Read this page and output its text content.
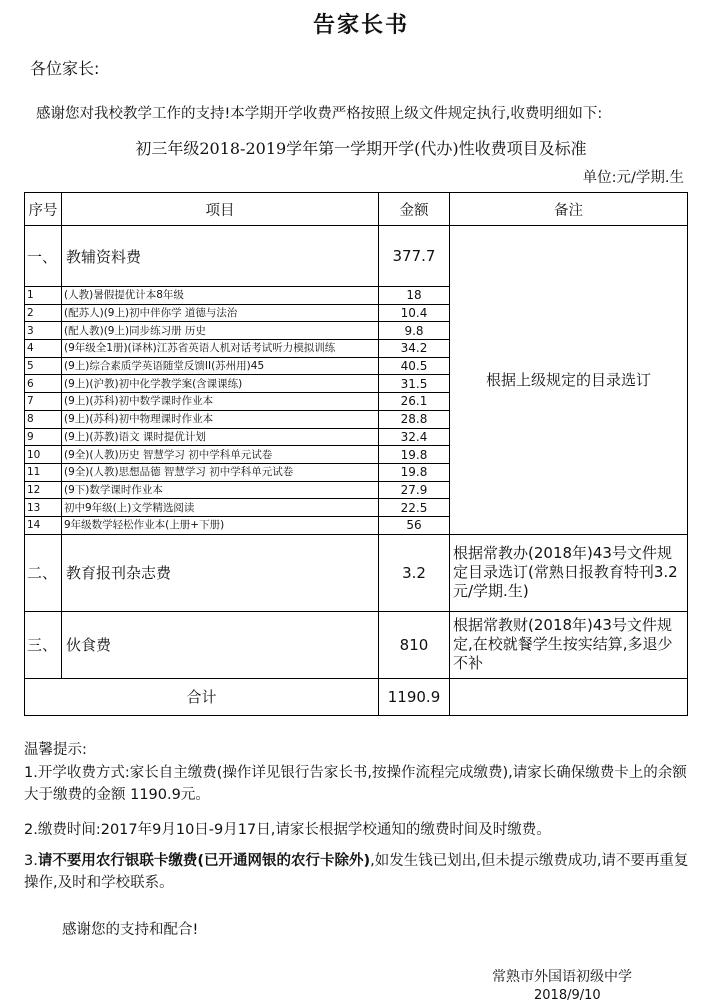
告家长书
各位家长:
感谢您对我校教学工作的支持!本学期开学收费严格按照上级文件规定执行,收费明细如下:
初三年级2018-2019学年第一学期开学(代办)性收费项目及标准
单位:元/学期.生
序号	项目	金额	备注
一、	教辅资料费	377.7	根据上级规定的目录选订
1	(人教)暑假提优计本8年级	18	
2	(配苏人)(9上)初中伴你学 道德与法治	10.4	
3	(配人教)(9上)同步练习册 历史	9.8	
4	(9年级全1册)(译林)江苏省英语人机对话考试听力模拟训练	34.2	
5	(9上)综合素质学英语随堂反馈II(苏州用)45	40.5	
6	(9上)(沪教)初中化学教学案(含课课练)	31.5	
7	(9上)(苏科)初中数学课时作业本	26.1	
8	(9上)(苏科)初中物理课时作业本	28.8	
9	(9上)(苏教)语文 课时提优计划	32.4	
10	(9全)(人教)历史 智慧学习 初中学科单元试卷	19.8	
11	(9全)(人教)思想品德 智慧学习 初中学科单元试卷	19.8	
12	(9下)数学课时作业本	27.9	
13	初中9年级(上)文学精选阅读	22.5	
14	9年级数学轻松作业本(上册+下册)	56	
二、	教育报刊杂志费	3.2	根据常教办(2018年)43号文件规定目录选订(常熟日报教育特刊3.2元/学期.生)
三、	伙食费	810	根据常教财(2018年)43号文件规定,在校就餐学生按实结算,多退少不补
合计		1190.9	
温馨提示:
1.开学收费方式:家长自主缴费(操作详见银行告家长书,按操作流程完成缴费),请家长确保缴费卡上的余额大于缴费的金额 1190.9元。
2.缴费时间:2017年9月10日-9月17日,请家长根据学校通知的缴费时间及时缴费。
3.请不要用农行银联卡缴费(已开通网银的农行卡除外),如发生钱已划出,但未提示缴费成功,请不要再重复操作,及时和学校联系。
感谢您的支持和配合!
常熟市外国语初级中学
2018/9/10
